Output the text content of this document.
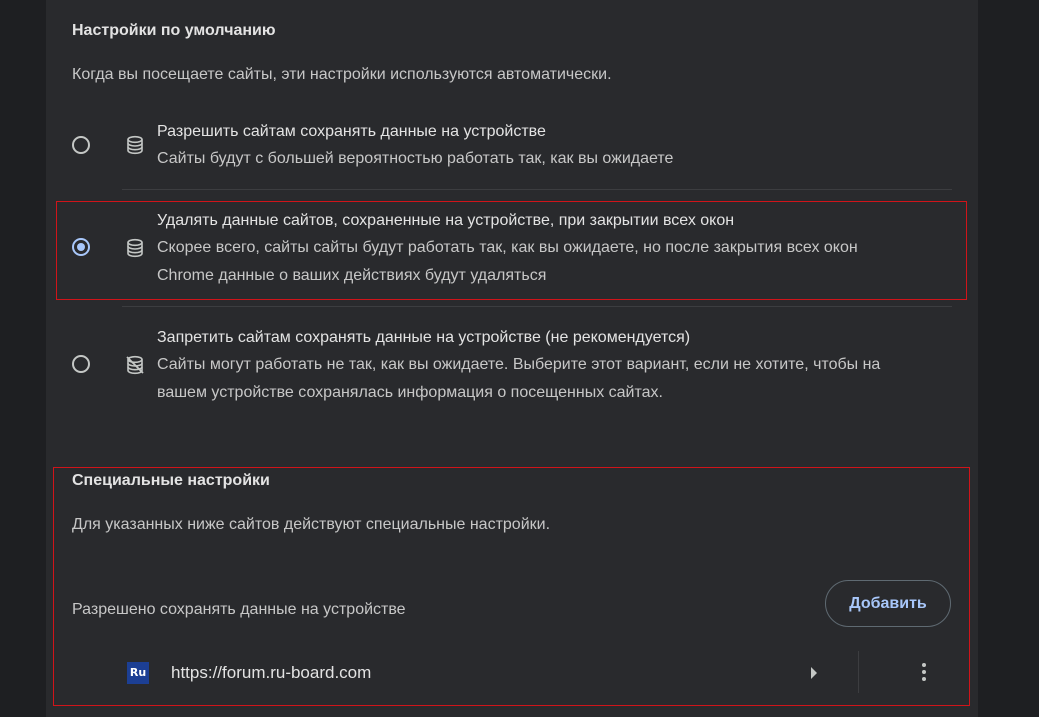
Настройки по умолчанию
Когда вы посещаете сайты, эти настройки используются автоматически.
Разрешить сайтам сохранять данные на устройстве
Сайты будут с большей вероятностью работать так, как вы ожидаете
Удалять данные сайтов, сохраненные на устройстве, при закрытии всех окон
Скорее всего, сайты сайты будут работать так, как вы ожидаете, но после закрытия всех окон
Chrome данные о ваших действиях будут удаляться
Запретить сайтам сохранять данные на устройстве (не рекомендуется)
Сайты могут работать не так, как вы ожидаете. Выберите этот вариант, если не хотите, чтобы на
вашем устройстве сохранялась информация о посещенных сайтах.
Специальные настройки
Для указанных ниже сайтов действуют специальные настройки.
Разрешено сохранять данные на устройстве	Добавить
Ru https://forum.ru-board.com
